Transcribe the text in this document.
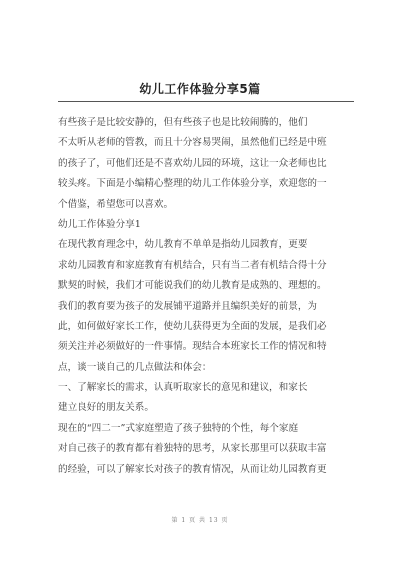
幼儿工作体验分享5篇
有些孩子是比较安静的，但有些孩子也是比较闹腾的，他们
不太听从老师的管教，而且十分容易哭闹，虽然他们已经是中班
的孩子了，可他们还是不喜欢幼儿园的环境，这让一众老师也比
较头疼。下面是小编精心整理的幼儿工作体验分享，欢迎您的一
个借鉴，希望您可以喜欢。
幼儿工作体验分享1
在现代教育理念中，幼儿教育不单单是指幼儿园教育，更要
求幼儿园教育和家庭教育有机结合，只有当二者有机结合得十分
默契的时候，我们才可能说我们的幼儿教育是成熟的、理想的。
我们的教育要为孩子的发展铺平道路并且编织美好的前景，为
此，如何做好家长工作，使幼儿获得更为全面的发展，是我们必
须关注并必须做好的一件事情。现结合本班家长工作的情况和特
点，谈一谈自己的几点做法和体会：
一、了解家长的需求，认真听取家长的意见和建议，和家长
建立良好的朋友关系。
现在的“四二一”式家庭塑造了孩子独特的个性，每个家庭
对自己孩子的教育都有着独特的思考，从家长那里可以获取丰富
的经验，可以了解家长对孩子的教育情况，从而让幼儿园教育更
第 1 页 共 13 页
